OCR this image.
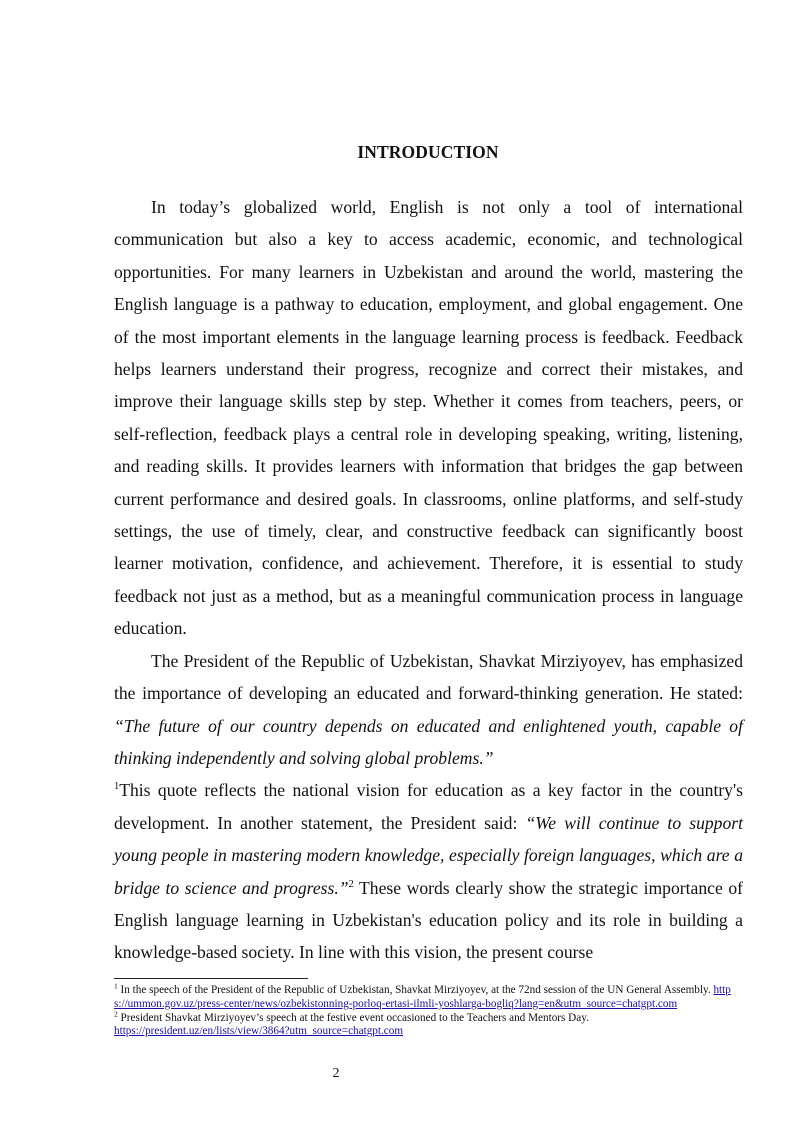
INTRODUCTION

In today’s globalized world, English is not only a tool of international communication but also a key to access academic, economic, and technological opportunities. For many learners in Uzbekistan and around the world, mastering the English language is a pathway to education, employment, and global engagement. One of the most important elements in the language learning process is feedback. Feedback helps learners understand their progress, recognize and correct their mistakes, and improve their language skills step by step. Whether it comes from teachers, peers, or self-reflection, feedback plays a central role in developing speaking, writing, listening, and reading skills. It provides learners with information that bridges the gap between current performance and desired goals. In classrooms, online platforms, and self-study settings, the use of timely, clear, and constructive feedback can significantly boost learner motivation, confidence, and achievement. Therefore, it is essential to study feedback not just as a method, but as a meaningful communication process in language education.

The President of the Republic of Uzbekistan, Shavkat Mirziyoyev, has emphasized the importance of developing an educated and forward-thinking generation. He stated: “The future of our country depends on educated and enlightened youth, capable of thinking independently and solving global problems.”
$^1$This quote reflects the national vision for education as a key factor in the country's development. In another statement, the President said: “We will continue to support young people in mastering modern knowledge, especially foreign languages, which are a bridge to science and progress.”$^2$ These words clearly show the strategic importance of English language learning in Uzbekistan's education policy and its role in building a knowledge-based society. In line with this vision, the present course

$^1$ In the speech of the President of the Republic of Uzbekistan, Shavkat Mirziyoyev, at the 72nd session of the UN General Assembly. https://ummon.gov.uz/press-center/news/ozbekistonning-porloq-ertasi-ilmli-yoshlarga-bogliq?lang=en&utm_source=chatgpt.com

$^2$ President Shavkat Mirziyoyev’s speech at the festive event occasioned to the Teachers and Mentors Day.
https://president.uz/en/lists/view/3864?utm_source=chatgpt.com

2
